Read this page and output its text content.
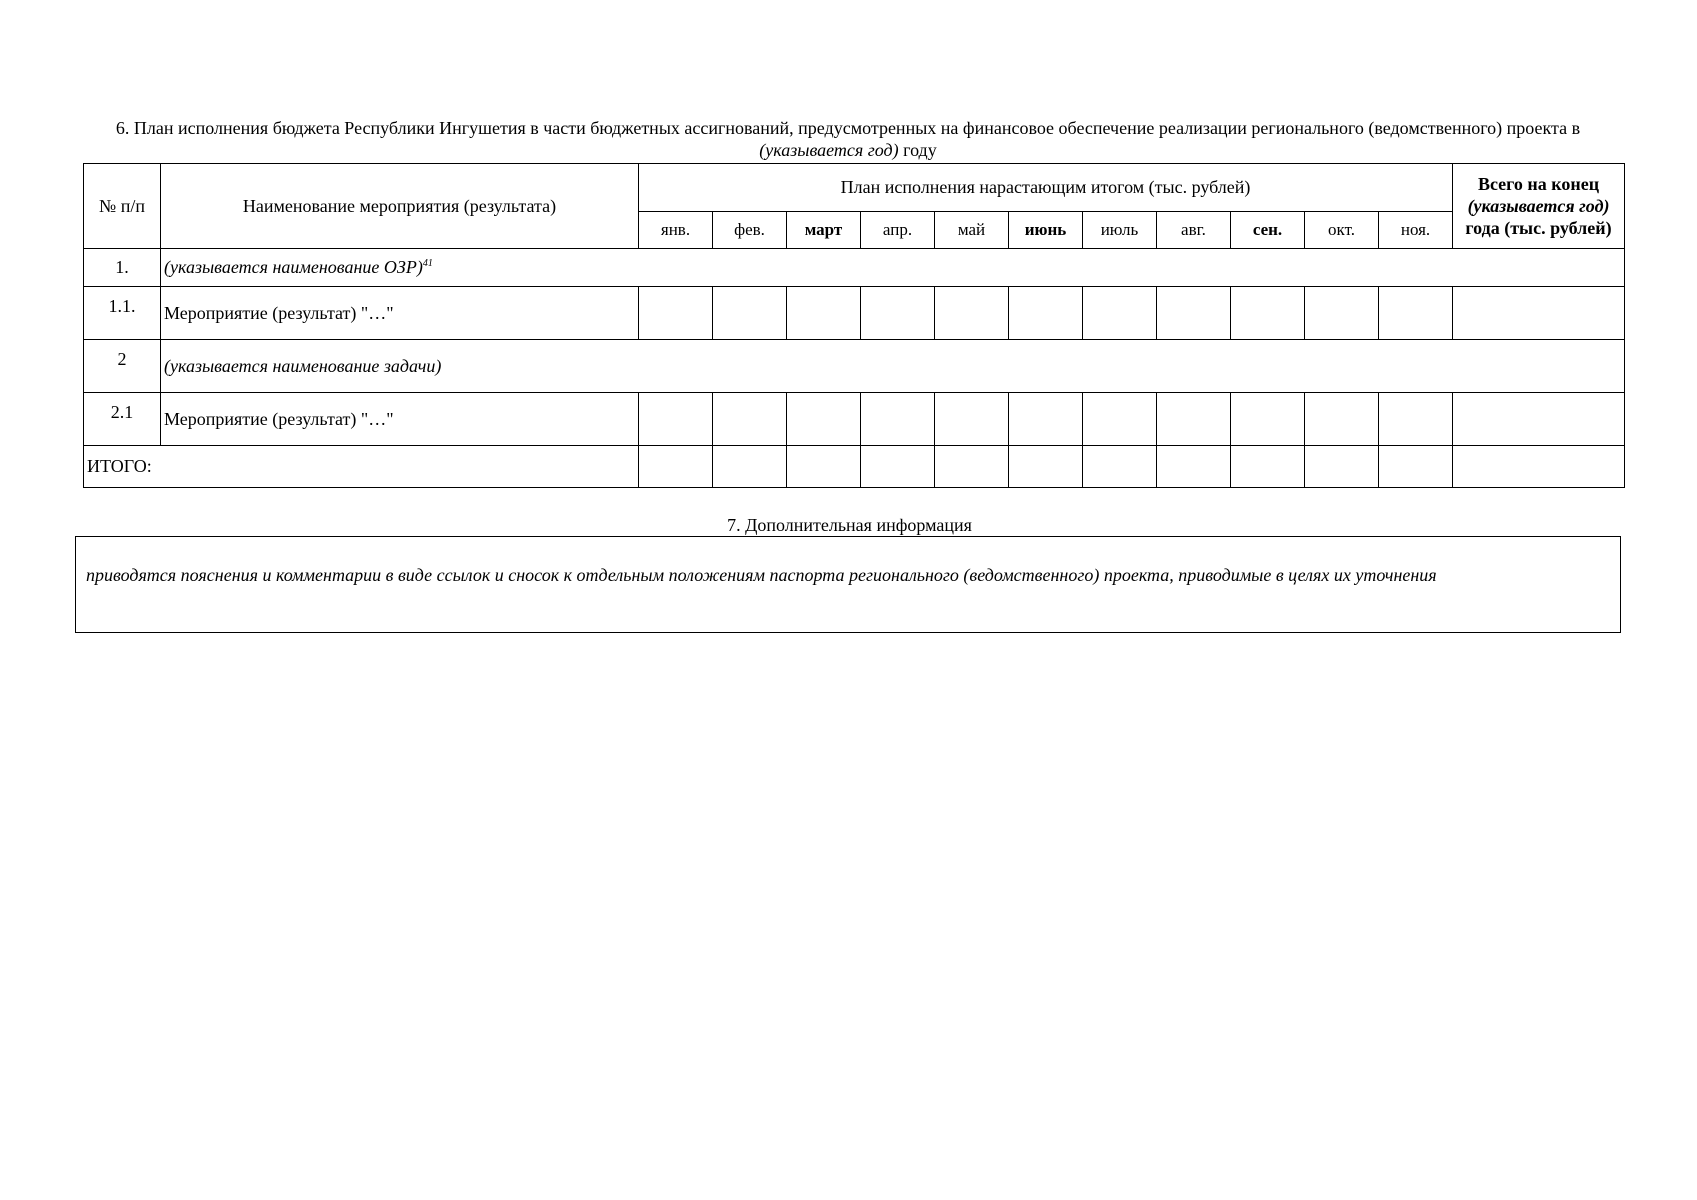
6. План исполнения бюджета Республики Ингушетия в части бюджетных ассигнований, предусмотренных на финансовое обеспечение реализации регионального (ведомственного) проекта в (указывается год) году
№ п/п	Наименование мероприятия (результата)	План исполнения нарастающим итогом (тыс. рублей)											Всего на конец
(указывается год)
года (тыс. рублей)

		янв.	фев.	март	апр.	май	июнь	июль	авг.	сен.	окт.	ноя.	
1.	(указывается наименование ОЗР)$^{41}$
1.1.	Мероприятие (результат) "…"												
2	(указывается наименование задачи)												
2.1	Мероприятие (результат) "…"												
ИТОГО:													
7. Дополнительная информация
приводятся пояснения и комментарии в виде ссылок и сносок к отдельным положениям паспорта регионального (ведомственного) проекта, приводимые в целях их уточнения
